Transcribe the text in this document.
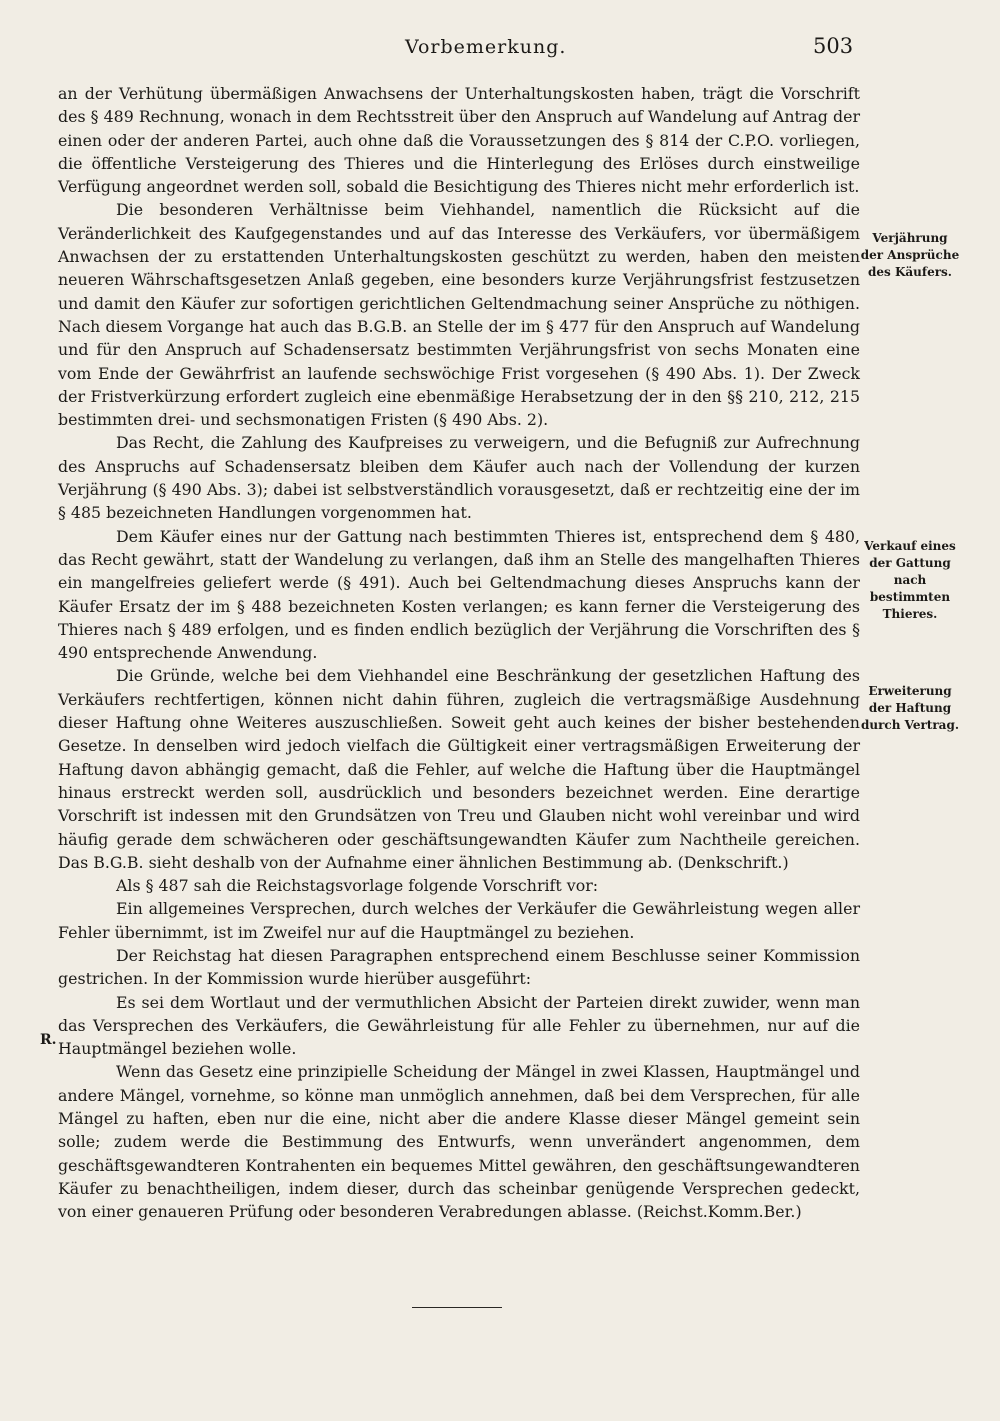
Vorbemerkung.	503

an der Verhütung übermäßigen Anwachsens der Unterhaltungskosten haben, trägt die Vorschrift des § 489 Rechnung, wonach in dem Rechtsstreit über den Anspruch auf Wandelung auf Antrag der einen oder der anderen Partei, auch ohne daß die Voraussetzungen des § 814 der C.P.O. vorliegen, die öffentliche Versteigerung des Thieres und die Hinterlegung des Erlöses durch einstweilige Verfügung angeordnet werden soll, sobald die Besichtigung des Thieres nicht mehr erforderlich ist.

Die besonderen Verhältnisse beim Viehhandel, namentlich die Rücksicht auf die Veränderlichkeit des Kaufgegenstandes und auf das Interesse des Verkäufers, vor übermäßigem Anwachsen der zu erstattenden Unterhaltungskosten geschützt zu werden, haben den meisten neueren Währschaftsgesetzen Anlaß gegeben, eine besonders kurze Verjährungsfrist festzusetzen und damit den Käufer zur sofortigen gerichtlichen Geltendmachung seiner Ansprüche zu nöthigen. Nach diesem Vorgange hat auch das B.G.B. an Stelle der im § 477 für den Anspruch auf Wandelung und für den Anspruch auf Schadensersatz bestimmten Verjährungsfrist von sechs Monaten eine vom Ende der Gewährfrist an laufende sechswöchige Frist vorgesehen (§ 490 Abs. 1). Der Zweck der Fristverkürzung erfordert zugleich eine ebenmäßige Herabsetzung der in den §§ 210, 212, 215 bestimmten drei- und sechsmonatigen Fristen (§ 490 Abs. 2).

Das Recht, die Zahlung des Kaufpreises zu verweigern, und die Befugniß zur Aufrechnung des Anspruchs auf Schadensersatz bleiben dem Käufer auch nach der Vollendung der kurzen Verjährung (§ 490 Abs. 3); dabei ist selbstverständlich vorausgesetzt, daß er rechtzeitig eine der im § 485 bezeichneten Handlungen vorgenommen hat.

Dem Käufer eines nur der Gattung nach bestimmten Thieres ist, entsprechend dem § 480, das Recht gewährt, statt der Wandelung zu verlangen, daß ihm an Stelle des mangelhaften Thieres ein mangelfreies geliefert werde (§ 491). Auch bei Geltendmachung dieses Anspruchs kann der Käufer Ersatz der im § 488 bezeichneten Kosten verlangen; es kann ferner die Versteigerung des Thieres nach § 489 erfolgen, und es finden endlich bezüglich der Verjährung die Vorschriften des § 490 entsprechende Anwendung.

Die Gründe, welche bei dem Viehhandel eine Beschränkung der gesetzlichen Haftung des Verkäufers rechtfertigen, können nicht dahin führen, zugleich die vertragsmäßige Ausdehnung dieser Haftung ohne Weiteres auszuschließen. Soweit geht auch keines der bisher bestehenden Gesetze. In denselben wird jedoch vielfach die Gültigkeit einer vertragsmäßigen Erweiterung der Haftung davon abhängig gemacht, daß die Fehler, auf welche die Haftung über die Hauptmängel hinaus erstreckt werden soll, ausdrücklich und besonders bezeichnet werden. Eine derartige Vorschrift ist indessen mit den Grundsätzen von Treu und Glauben nicht wohl vereinbar und wird häufig gerade dem schwächeren oder geschäftsungewandten Käufer zum Nachtheile gereichen. Das B.G.B. sieht deshalb von der Aufnahme einer ähnlichen Bestimmung ab. (Denkschrift.)

Als § 487 sah die Reichstagsvorlage folgende Vorschrift vor:

Ein allgemeines Versprechen, durch welches der Verkäufer die Gewährleistung wegen aller Fehler übernimmt, ist im Zweifel nur auf die Hauptmängel zu beziehen.

Der Reichstag hat diesen Paragraphen entsprechend einem Beschlusse seiner Kommission gestrichen. In der Kommission wurde hierüber ausgeführt:

Es sei dem Wortlaut und der vermuthlichen Absicht der Parteien direkt zuwider, wenn man das Versprechen des Verkäufers, die Gewährleistung für alle Fehler zu übernehmen, nur auf die Hauptmängel beziehen wolle.

Wenn das Gesetz eine prinzipielle Scheidung der Mängel in zwei Klassen, Hauptmängel und andere Mängel, vornehme, so könne man unmöglich annehmen, daß bei dem Versprechen, für alle Mängel zu haften, eben nur die eine, nicht aber die andere Klasse dieser Mängel gemeint sein solle; zudem werde die Bestimmung des Entwurfs, wenn unverändert angenommen, dem geschäftsgewandteren Kontrahenten ein bequemes Mittel gewähren, den geschäftsungewandteren Käufer zu benachtheiligen, indem dieser, durch das scheinbar genügende Versprechen gedeckt, von einer genaueren Prüfung oder besonderen Verabredungen ablasse. (Reichst.Komm.Ber.)

Verjährung der Ansprüche des Käufers.
Verkauf eines der Gattung nach bestimmten Thieres.
Erweiterung der Haftung durch Vertrag.
R.
